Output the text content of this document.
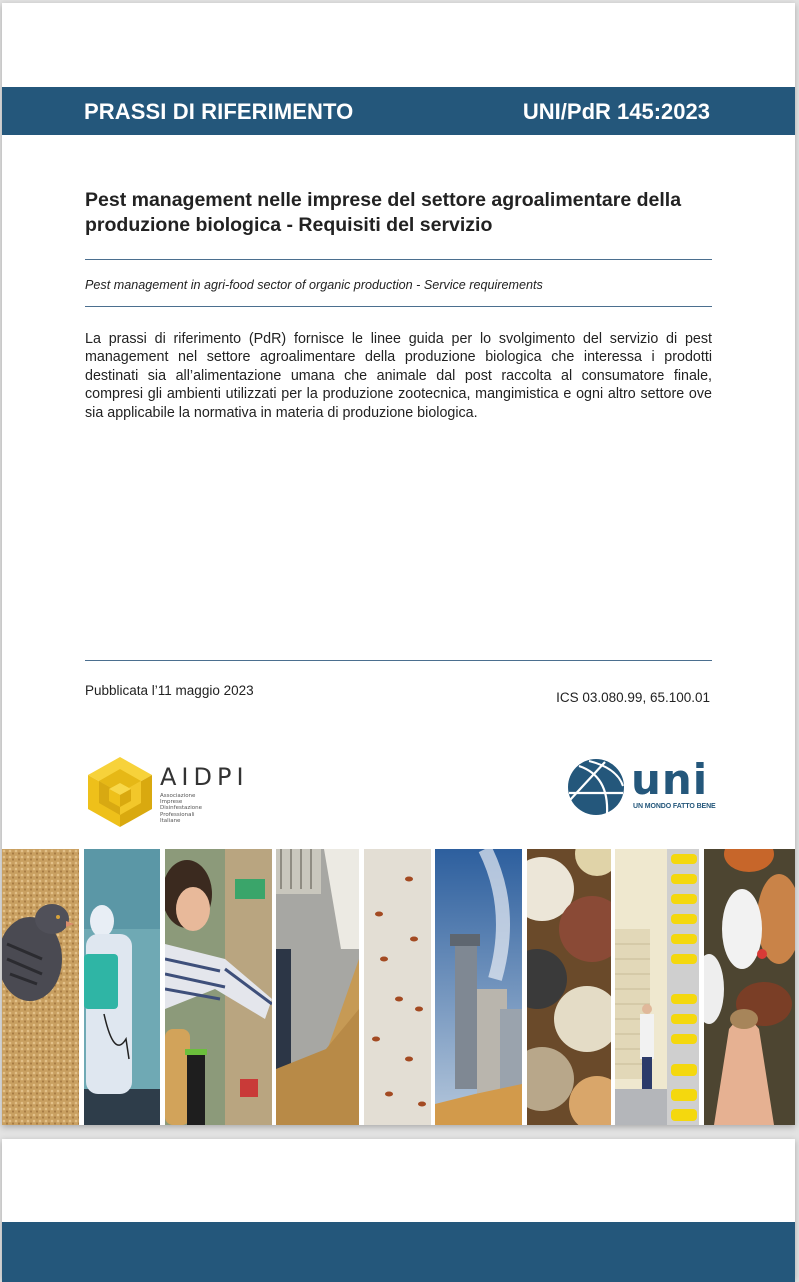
PRASSI DI RIFERIMENTO	UNI/PdR 145:2023
Pest management nelle imprese del settore agroalimentare della produzione biologica - Requisiti del servizio
Pest management in agri-food sector of organic production - Service requirements
La prassi di riferimento (PdR) fornisce le linee guida per lo svolgimento del servizio di pest management nel settore agroalimentare della produzione biologica che interessa i prodotti destinati sia all’alimentazione umana che animale dal post raccolta al consumatore finale, compresi gli ambienti utilizzati per la produzione zootecnica, mangimistica e ogni altro settore ove sia applicabile la normativa in materia di produzione biologica.
Pubblicata l’11 maggio 2023	ICS 03.080.99, 65.100.01
AIDPI
Associazione
Imprese
Disinfestazione
Professionali
Italiane
uni
UN MONDO FATTO BENE
